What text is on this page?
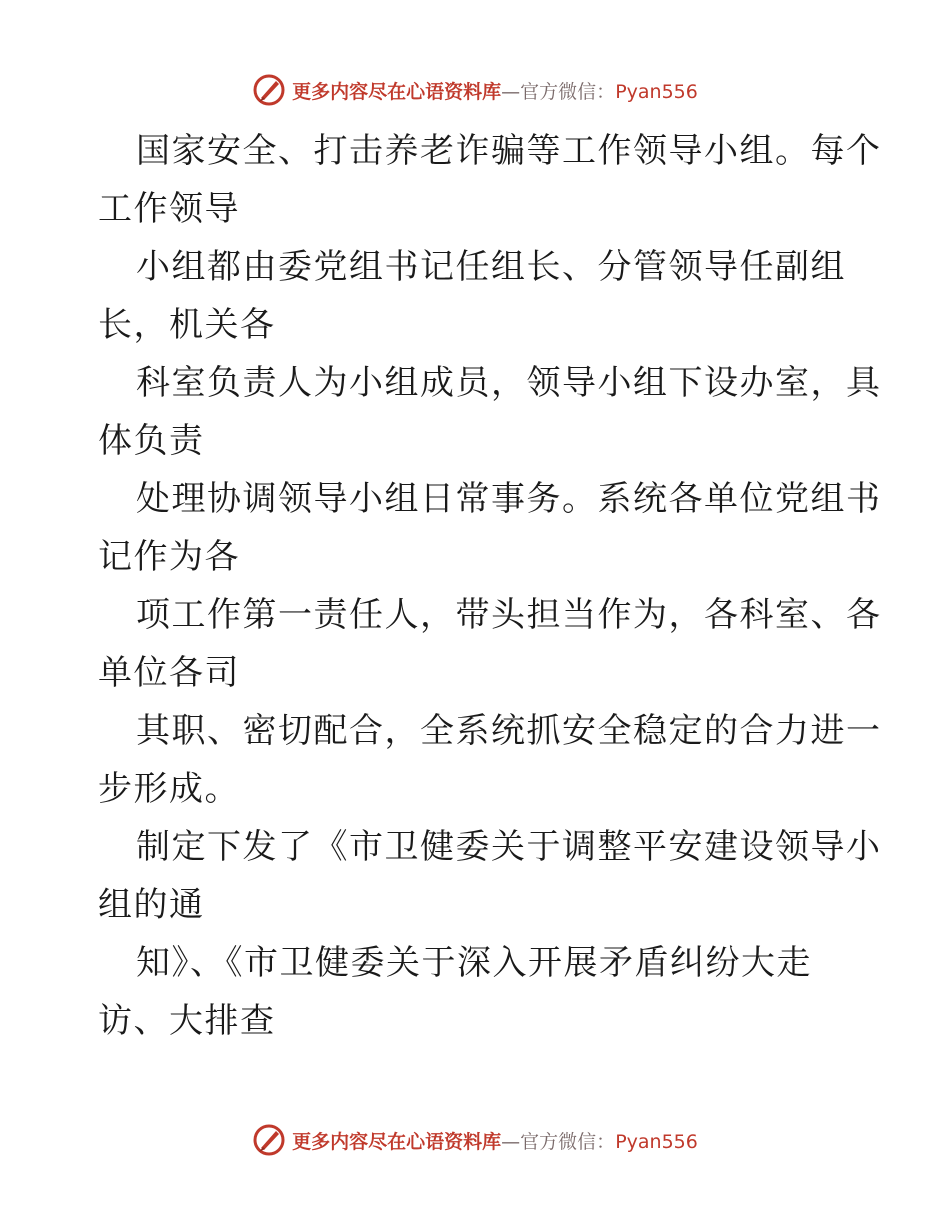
更多内容尽在心语资料库—官方微信：Pyan556
国家安全、打击养老诈骗等工作领导小组。每个
工作领导
小组都由委党组书记任组长、分管领导任副组
长，机关各
科室负责人为小组成员，领导小组下设办室，具
体负责
处理协调领导小组日常事务。系统各单位党组书
记作为各
项工作第一责任人，带头担当作为，各科室、各
单位各司
其职、密切配合，全系统抓安全稳定的合力进一
步形成。
制定下发了《市卫健委关于调整平安建设领导小
组的通
知》、《市卫健委关于深入开展矛盾纠纷大走
访、大排查
更多内容尽在心语资料库—官方微信：Pyan556
